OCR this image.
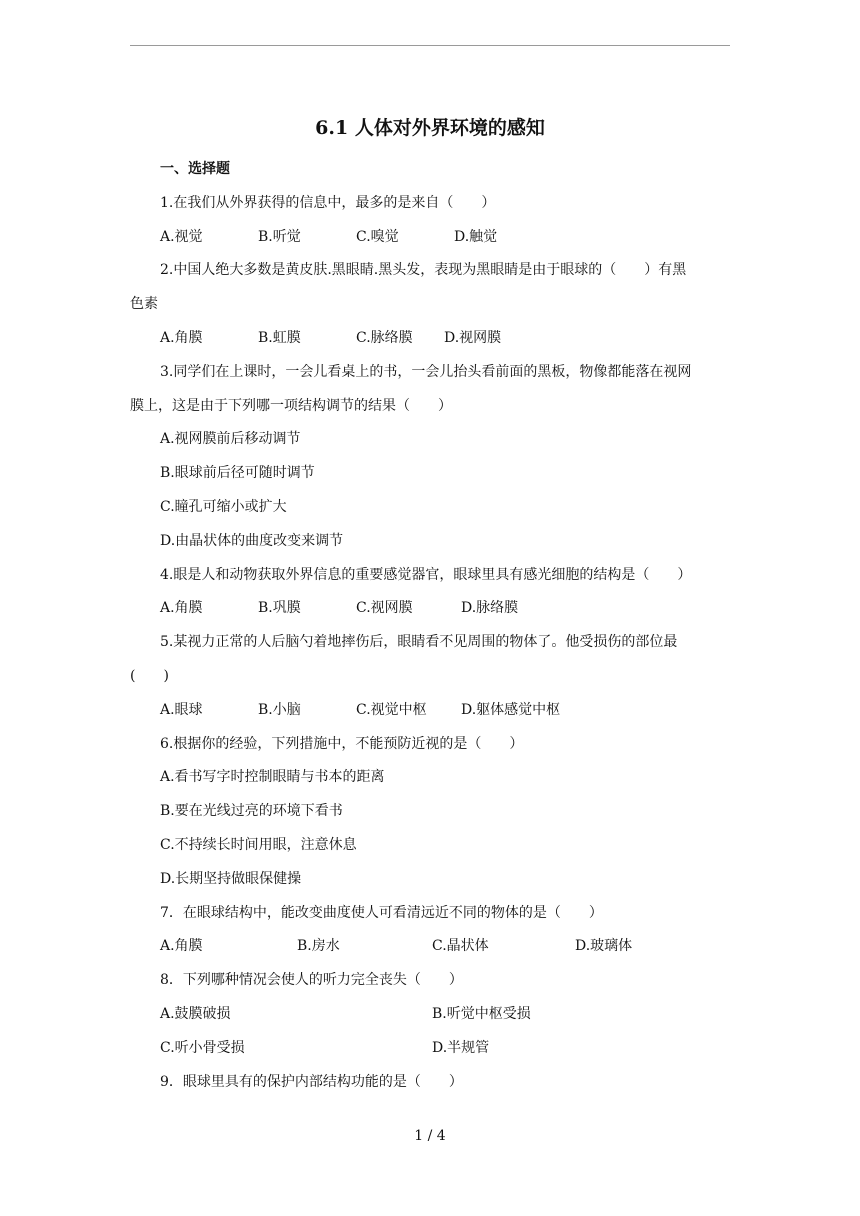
6.1 人体对外界环境的感知
一、选择题
1.在我们从外界获得的信息中，最多的是来自（　　）
A.视觉	B.听觉	C.嗅觉	D.触觉
2.中国人绝大多数是黄皮肤.黑眼睛.黑头发，表现为黑眼睛是由于眼球的（　　）有黑
色素
A.角膜	B.虹膜	C.脉络膜	D.视网膜
3.同学们在上课时，一会儿看桌上的书，一会儿抬头看前面的黑板，物像都能落在视网
膜上，这是由于下列哪一项结构调节的结果（　　）
A.视网膜前后移动调节
B.眼球前后径可随时调节
C.瞳孔可缩小或扩大
D.由晶状体的曲度改变来调节
4.眼是人和动物获取外界信息的重要感觉器官，眼球里具有感光细胞的结构是（　　）
A.角膜	B.巩膜	C.视网膜	D.脉络膜
5.某视力正常的人后脑勺着地摔伤后，眼睛看不见周围的物体了。他受损伤的部位最
(　　)
A.眼球	B.小脑	C.视觉中枢	D.躯体感觉中枢
6.根据你的经验，下列措施中，不能预防近视的是（　　）
A.看书写字时控制眼睛与书本的距离
B.要在光线过亮的环境下看书
C.不持续长时间用眼，注意休息
D.长期坚持做眼保健操
7．在眼球结构中，能改变曲度使人可看清远近不同的物体的是（　　）
A.角膜	B.房水	C.晶状体	D.玻璃体
8．下列哪种情况会使人的听力完全丧失（　　）
A.鼓膜破损	B.听觉中枢受损
C.听小骨受损	D.半规管
9．眼球里具有的保护内部结构功能的是（　　）
1 / 4
